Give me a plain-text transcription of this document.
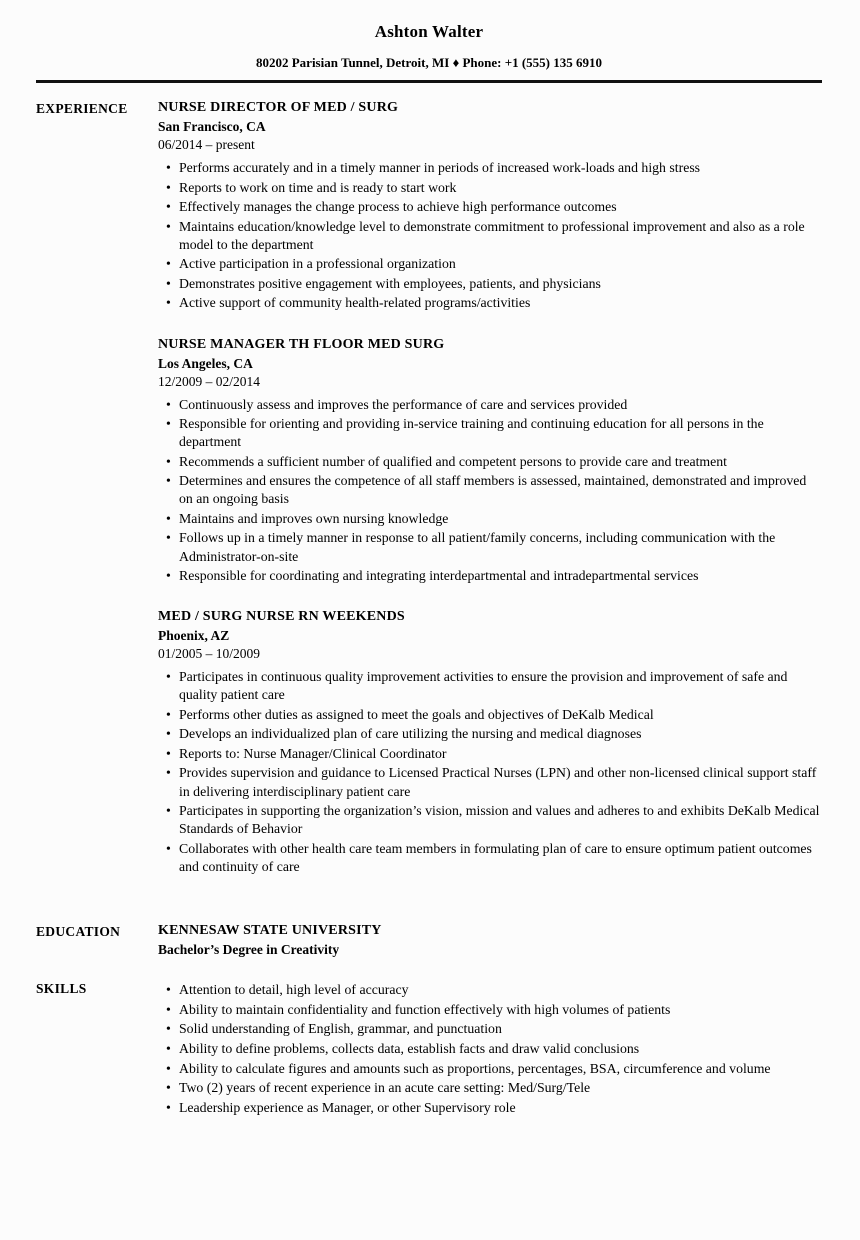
Ashton Walter
80202 Parisian Tunnel, Detroit, MI ♦ Phone: +1 (555) 135 6910
EXPERIENCE	NURSE DIRECTOR OF MED / SURG
San Francisco, CA
06/2014 – present
• Performs accurately and in a timely manner in periods of increased work-loads and high stress
• Reports to work on time and is ready to start work
• Effectively manages the change process to achieve high performance outcomes
• Maintains education/knowledge level to demonstrate commitment to professional improvement and also as a role model to the department
• Active participation in a professional organization
• Demonstrates positive engagement with employees, patients, and physicians
• Active support of community health-related programs/activities
NURSE MANAGER TH FLOOR MED SURG
Los Angeles, CA
12/2009 – 02/2014
• Continuously assess and improves the performance of care and services provided
• Responsible for orienting and providing in-service training and continuing education for all persons in the department
• Recommends a sufficient number of qualified and competent persons to provide care and treatment
• Determines and ensures the competence of all staff members is assessed, maintained, demonstrated and improved on an ongoing basis
• Maintains and improves own nursing knowledge
• Follows up in a timely manner in response to all patient/family concerns, including communication with the Administrator-on-site
• Responsible for coordinating and integrating interdepartmental and intradepartmental services
MED / SURG NURSE RN WEEKENDS
Phoenix, AZ
01/2005 – 10/2009
• Participates in continuous quality improvement activities to ensure the provision and improvement of safe and quality patient care
• Performs other duties as assigned to meet the goals and objectives of DeKalb Medical
• Develops an individualized plan of care utilizing the nursing and medical diagnoses
• Reports to: Nurse Manager/Clinical Coordinator
• Provides supervision and guidance to Licensed Practical Nurses (LPN) and other non-licensed clinical support staff in delivering interdisciplinary patient care
• Participates in supporting the organization’s vision, mission and values and adheres to and exhibits DeKalb Medical Standards of Behavior
• Collaborates with other health care team members in formulating plan of care to ensure optimum patient outcomes and continuity of care
EDUCATION	KENNESAW STATE UNIVERSITY
Bachelor’s Degree in Creativity
SKILLS	• Attention to detail, high level of accuracy
• Ability to maintain confidentiality and function effectively with high volumes of patients
• Solid understanding of English, grammar, and punctuation
• Ability to define problems, collects data, establish facts and draw valid conclusions
• Ability to calculate figures and amounts such as proportions, percentages, BSA, circumference and volume
• Two (2) years of recent experience in an acute care setting: Med/Surg/Tele
• Leadership experience as Manager, or other Supervisory role
